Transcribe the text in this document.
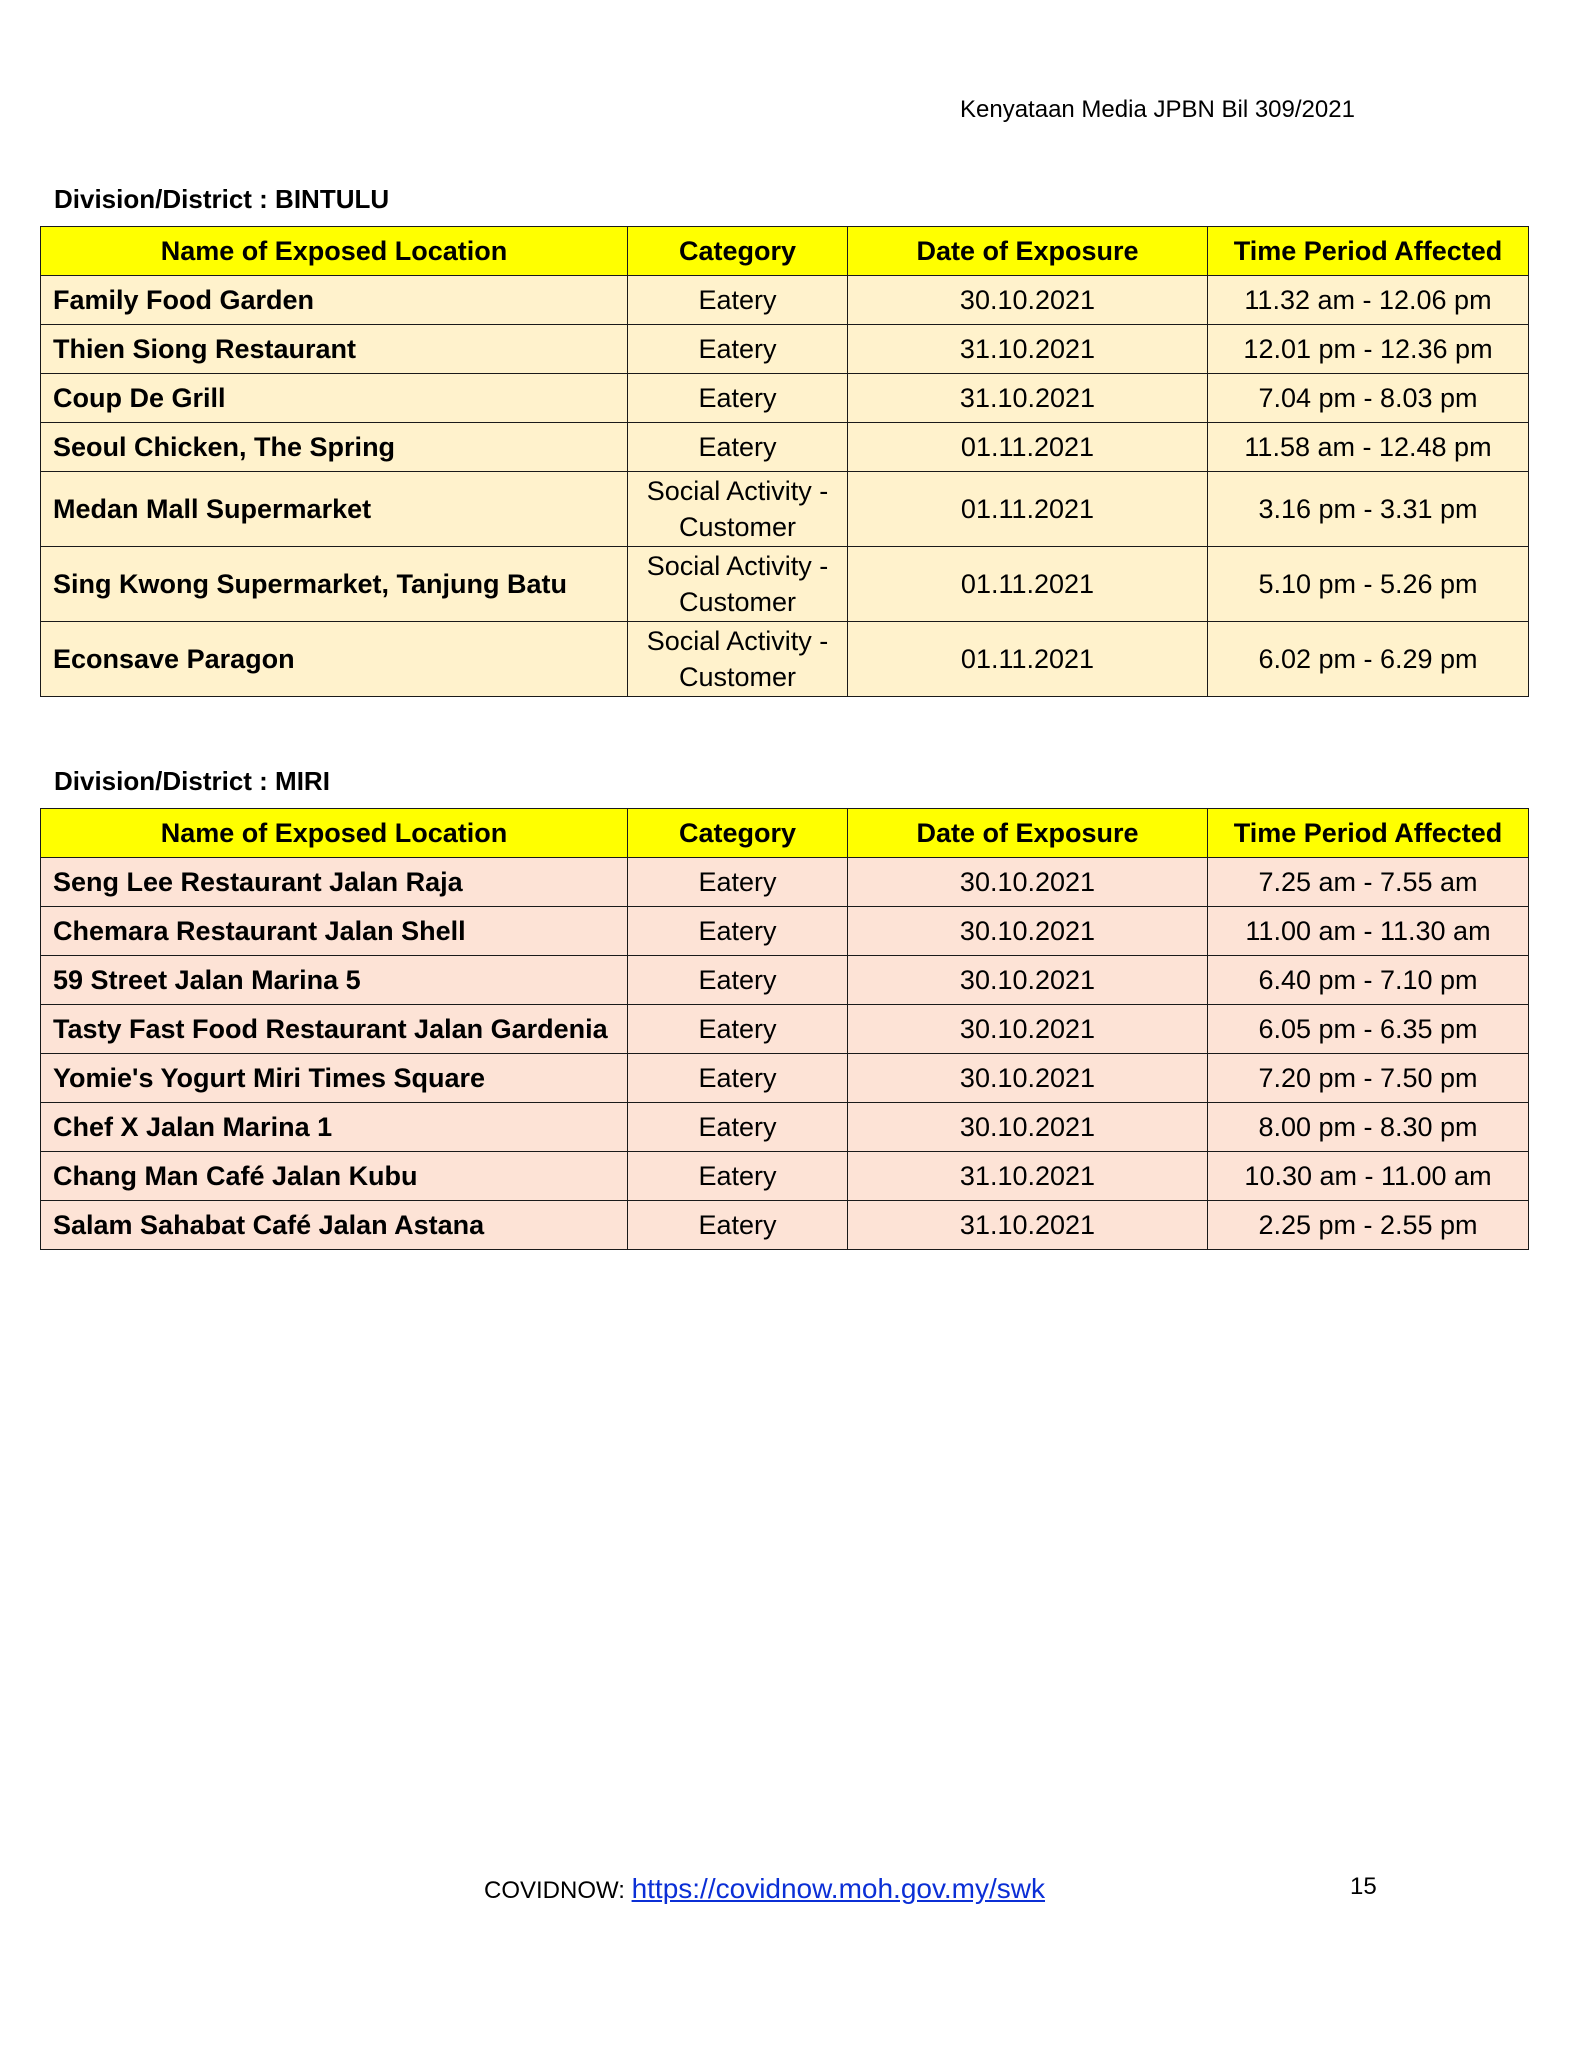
Kenyataan Media JPBN Bil 309/2021
Division/District : BINTULU
Name of Exposed Location	Category	Date of Exposure	Time Period Affected
Family Food Garden	Eatery	30.10.2021	11.32 am - 12.06 pm
Thien Siong Restaurant	Eatery	31.10.2021	12.01 pm - 12.36 pm
Coup De Grill	Eatery	31.10.2021	7.04 pm - 8.03 pm
Seoul Chicken, The Spring	Eatery	01.11.2021	11.58 am - 12.48 pm
Medan Mall Supermarket	Social Activity - Customer	01.11.2021	3.16 pm - 3.31 pm
Sing Kwong Supermarket, Tanjung Batu	Social Activity - Customer	01.11.2021	5.10 pm - 5.26 pm
Econsave Paragon	Social Activity - Customer	01.11.2021	6.02 pm - 6.29 pm
Division/District : MIRI
Name of Exposed Location	Category	Date of Exposure	Time Period Affected
Seng Lee Restaurant Jalan Raja	Eatery	30.10.2021	7.25 am - 7.55 am
Chemara Restaurant Jalan Shell	Eatery	30.10.2021	11.00 am - 11.30 am
59 Street Jalan Marina 5	Eatery	30.10.2021	6.40 pm - 7.10 pm
Tasty Fast Food Restaurant Jalan Gardenia	Eatery	30.10.2021	6.05 pm - 6.35 pm
Yomie's Yogurt Miri Times Square	Eatery	30.10.2021	7.20 pm - 7.50 pm
Chef X Jalan Marina 1	Eatery	30.10.2021	8.00 pm - 8.30 pm
Chang Man Café Jalan Kubu	Eatery	31.10.2021	10.30 am - 11.00 am
Salam Sahabat Café Jalan Astana	Eatery	31.10.2021	2.25 pm - 2.55 pm
COVIDNOW: https://covidnow.moh.gov.my/swk	15
